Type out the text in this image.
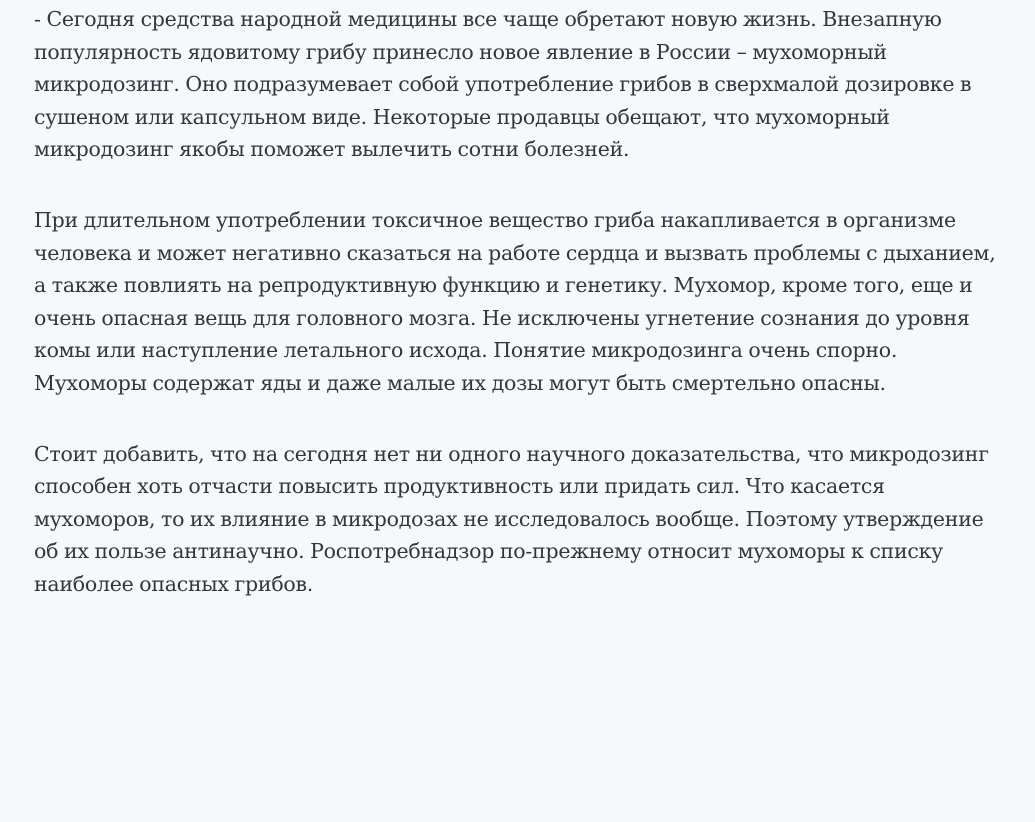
- Сегодня средства народной медицины все чаще обретают новую жизнь. Внезапную популярность ядовитому грибу принесло новое явление в России – мухоморный микродозинг. Оно подразумевает собой употребление грибов в сверхмалой дозировке в сушеном или капсульном виде. Некоторые продавцы обещают, что мухоморный микродозинг якобы поможет вылечить сотни болезней.

При длительном употреблении токсичное вещество гриба накапливается в организме человека и может негативно сказаться на работе сердца и вызвать проблемы с дыханием, а также повлиять на репродуктивную функцию и генетику. Мухомор, кроме того, еще и очень опасная вещь для головного мозга. Не исключены угнетение сознания до уровня комы или наступление летального исхода. Понятие микродозинга очень спорно. Мухоморы содержат яды и даже малые их дозы могут быть смертельно опасны.

Стоит добавить, что на сегодня нет ни одного научного доказательства, что микродозинг способен хоть отчасти повысить продуктивность или придать сил. Что касается мухоморов, то их влияние в микродозах не исследовалось вообще. Поэтому утверждение об их пользе антинаучно. Роспотребнадзор по-прежнему относит мухоморы к списку наиболее опасных грибов.
